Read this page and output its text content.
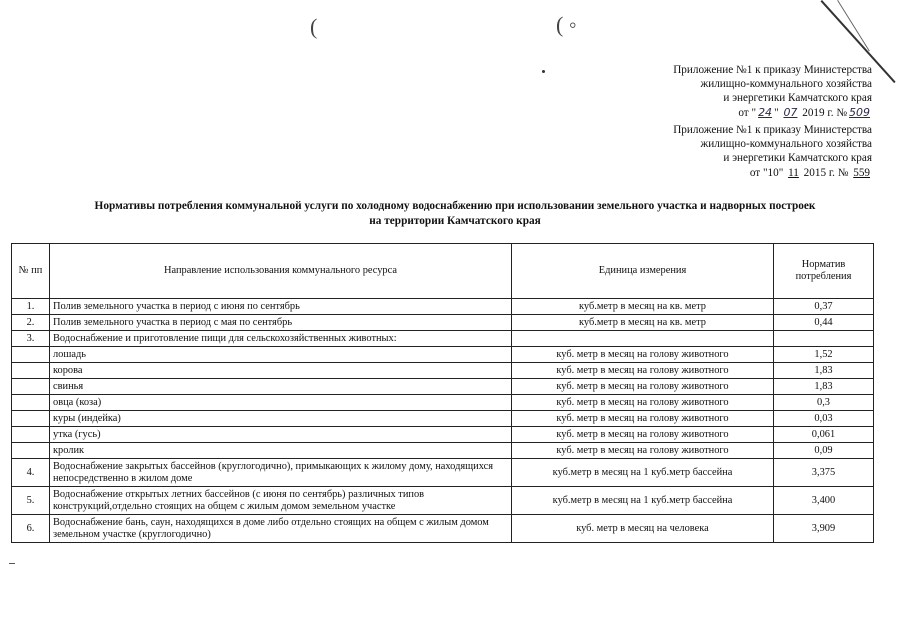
(	( ◦
Приложение №1 к приказу Министерства
жилищно-коммунального хозяйства
и энергетики Камчатского края
от " 24 " 07 2019 г. № 509
Приложение №1 к приказу Министерства
жилищно-коммунального хозяйства
и энергетики Камчатского края
от "10" 11 2015 г. № 559
Нормативы потребления коммунальной услуги по холодному водоснабжению при использовании земельного участка и надворных построек
на территории Камчатского края
№ пп	Направление использования коммунального ресурса	Единица измерения	Норматив потребления
1.	Полив земельного участка в период с июня по сентябрь	куб.метр в месяц на кв. метр	0,37
2.	Полив земельного участка в период с мая по сентябрь	куб.метр в месяц на кв. метр	0,44
3.	Водоснабжение и приготовление пищи для сельскохозяйственных животных:		
	лошадь	куб. метр в месяц на голову животного	1,52
	корова	куб. метр в месяц на голову животного	1,83
	свинья	куб. метр в месяц на голову животного	1,83
	овца (коза)	куб. метр в месяц на голову животного	0,3
	куры (индейка)	куб. метр в месяц на голову животного	0,03
	утка (гусь)	куб. метр в месяц на голову животного	0,061
	кролик	куб. метр в месяц на голову животного	0,09
4.	Водоснабжение закрытых бассейнов (круглогодично), примыкающих к жилому дому, находящихся непосредственно в жилом доме	куб.метр в месяц на 1 куб.метр бассейна	3,375
5.	Водоснабжение открытых летних бассейнов (с июня по сентябрь) различных типов конструкций,отдельно стоящих на общем с жилым домом земельном участке	куб.метр в месяц на 1 куб.метр бассейна	3,400
6.	Водоснабжение бань, саун, находящихся в доме либо отдельно стоящих на общем с жилым домом земельном участке (круглогодично)	куб. метр в месяц на человека	3,909
